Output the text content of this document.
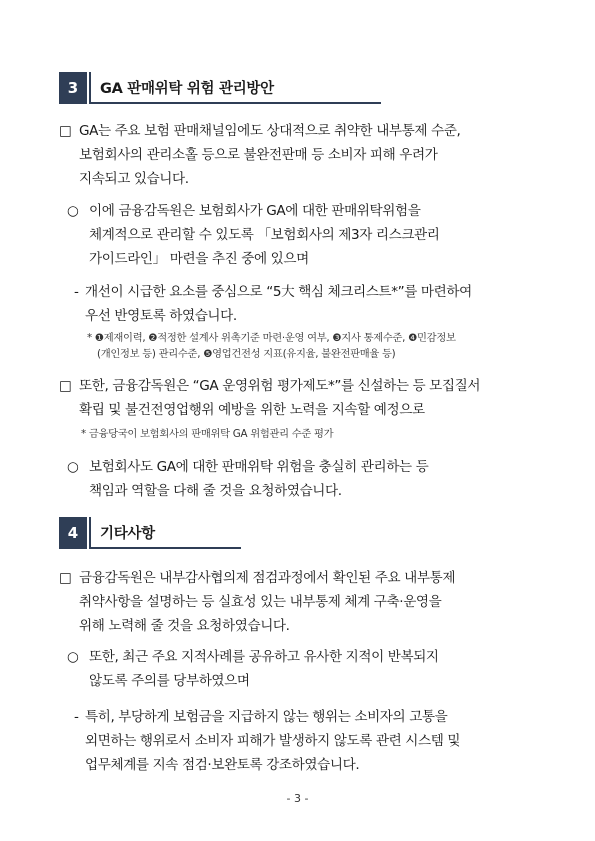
3	GA 판매위탁 위험 관리방안
□ GA는 주요 보험 판매채널임에도 상대적으로 취약한 내부통제 수준,
보험회사의 관리소홀 등으로 불완전판매 등 소비자 피해 우려가
지속되고 있습니다.
○ 이에 금융감독원은 보험회사가 GA에 대한 판매위탁위험을
체계적으로 관리할 수 있도록 「보험회사의 제3자 리스크관리
가이드라인」 마련을 추진 중에 있으며
- 개선이 시급한 요소를 중심으로 “5大 핵심 체크리스트*”를 마련하여
우선 반영토록 하였습니다.
* ❶제재이력, ❷적정한 설계사 위촉기준 마련·운영 여부, ❸지사 통제수준, ❹민감정보
(개인정보 등) 관리수준, ❺영업건전성 지표(유지율, 불완전판매율 등)
□ 또한, 금융감독원은 “GA 운영위험 평가제도*”를 신설하는 등 모집질서
확립 및 불건전영업행위 예방을 위한 노력을 지속할 예정으로
* 금융당국이 보험회사의 판매위탁 GA 위험관리 수준 평가
○ 보험회사도 GA에 대한 판매위탁 위험을 충실히 관리하는 등
책임과 역할을 다해 줄 것을 요청하였습니다.
4	기타사항
□ 금융감독원은 내부감사협의제 점검과정에서 확인된 주요 내부통제
취약사항을 설명하는 등 실효성 있는 내부통제 체계 구축·운영을
위해 노력해 줄 것을 요청하였습니다.
○ 또한, 최근 주요 지적사례를 공유하고 유사한 지적이 반복되지
않도록 주의를 당부하였으며
- 특히, 부당하게 보험금을 지급하지 않는 행위는 소비자의 고통을
외면하는 행위로서 소비자 피해가 발생하지 않도록 관련 시스템 및
업무체계를 지속 점검·보완토록 강조하였습니다.
- 3 -
